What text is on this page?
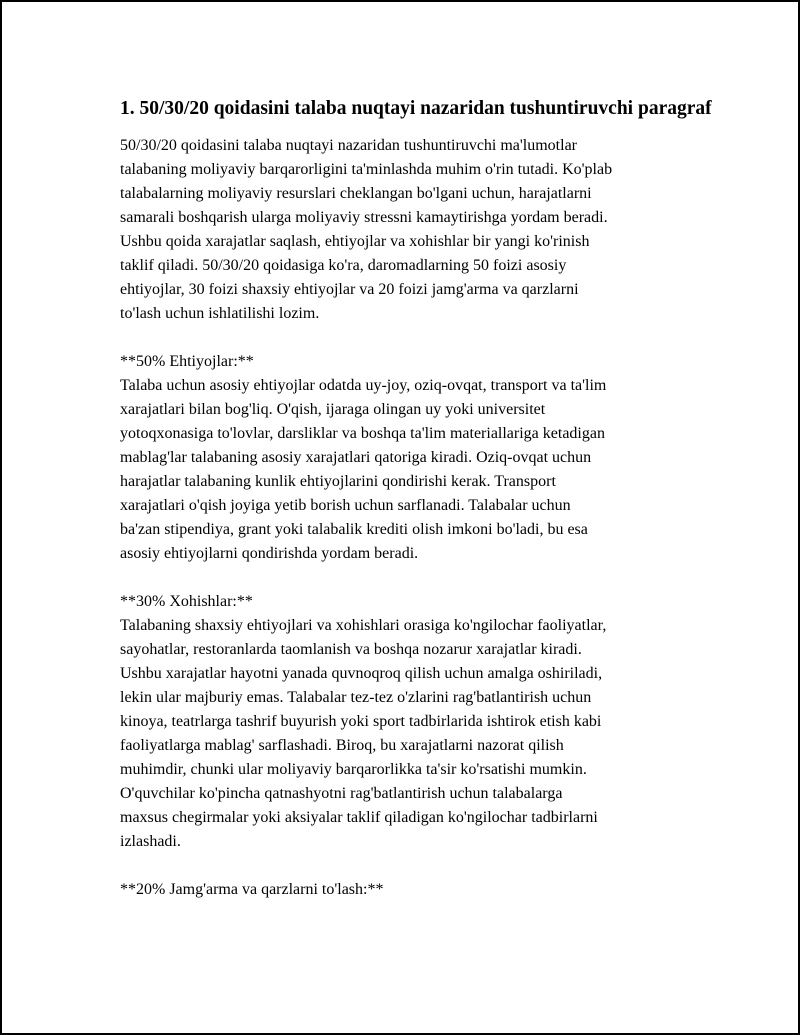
1. 50/30/20 qoidasini talaba nuqtayi nazaridan tushuntiruvchi paragraf
50/30/20 qoidasini talaba nuqtayi nazaridan tushuntiruvchi ma'lumotlar
talabaning moliyaviy barqarorligini ta'minlashda muhim o'rin tutadi. Ko'plab
talabalarning moliyaviy resurslari cheklangan bo'lgani uchun, harajatlarni
samarali boshqarish ularga moliyaviy stressni kamaytirishga yordam beradi.
Ushbu qoida xarajatlar saqlash, ehtiyojlar va xohishlar bir yangi ko'rinish
taklif qiladi. 50/30/20 qoidasiga ko'ra, daromadlarning 50 foizi asosiy
ehtiyojlar, 30 foizi shaxsiy ehtiyojlar va 20 foizi jamg'arma va qarzlarni
to'lash uchun ishlatilishi lozim.
**50% Ehtiyojlar:**
Talaba uchun asosiy ehtiyojlar odatda uy-joy, oziq-ovqat, transport va ta'lim
xarajatlari bilan bog'liq. O'qish, ijaraga olingan uy yoki universitet
yotoqxonasiga to'lovlar, darsliklar va boshqa ta'lim materiallariga ketadigan
mablag'lar talabaning asosiy xarajatlari qatoriga kiradi. Oziq-ovqat uchun
harajatlar talabaning kunlik ehtiyojlarini qondirishi kerak. Transport
xarajatlari o'qish joyiga yetib borish uchun sarflanadi. Talabalar uchun
ba'zan stipendiya, grant yoki talabalik krediti olish imkoni bo'ladi, bu esa
asosiy ehtiyojlarni qondirishda yordam beradi.
**30% Xohishlar:**
Talabaning shaxsiy ehtiyojlari va xohishlari orasiga ko'ngilochar faoliyatlar,
sayohatlar, restoranlarda taomlanish va boshqa nozarur xarajatlar kiradi.
Ushbu xarajatlar hayotni yanada quvnoqroq qilish uchun amalga oshiriladi,
lekin ular majburiy emas. Talabalar tez-tez o'zlarini rag'batlantirish uchun
kinoya, teatrlarga tashrif buyurish yoki sport tadbirlarida ishtirok etish kabi
faoliyatlarga mablag' sarflashadi. Biroq, bu xarajatlarni nazorat qilish
muhimdir, chunki ular moliyaviy barqarorlikka ta'sir ko'rsatishi mumkin.
O'quvchilar ko'pincha qatnashyotni rag'batlantirish uchun talabalarga
maxsus chegirmalar yoki aksiyalar taklif qiladigan ko'ngilochar tadbirlarni
izlashadi.
**20% Jamg'arma va qarzlarni to'lash:**
